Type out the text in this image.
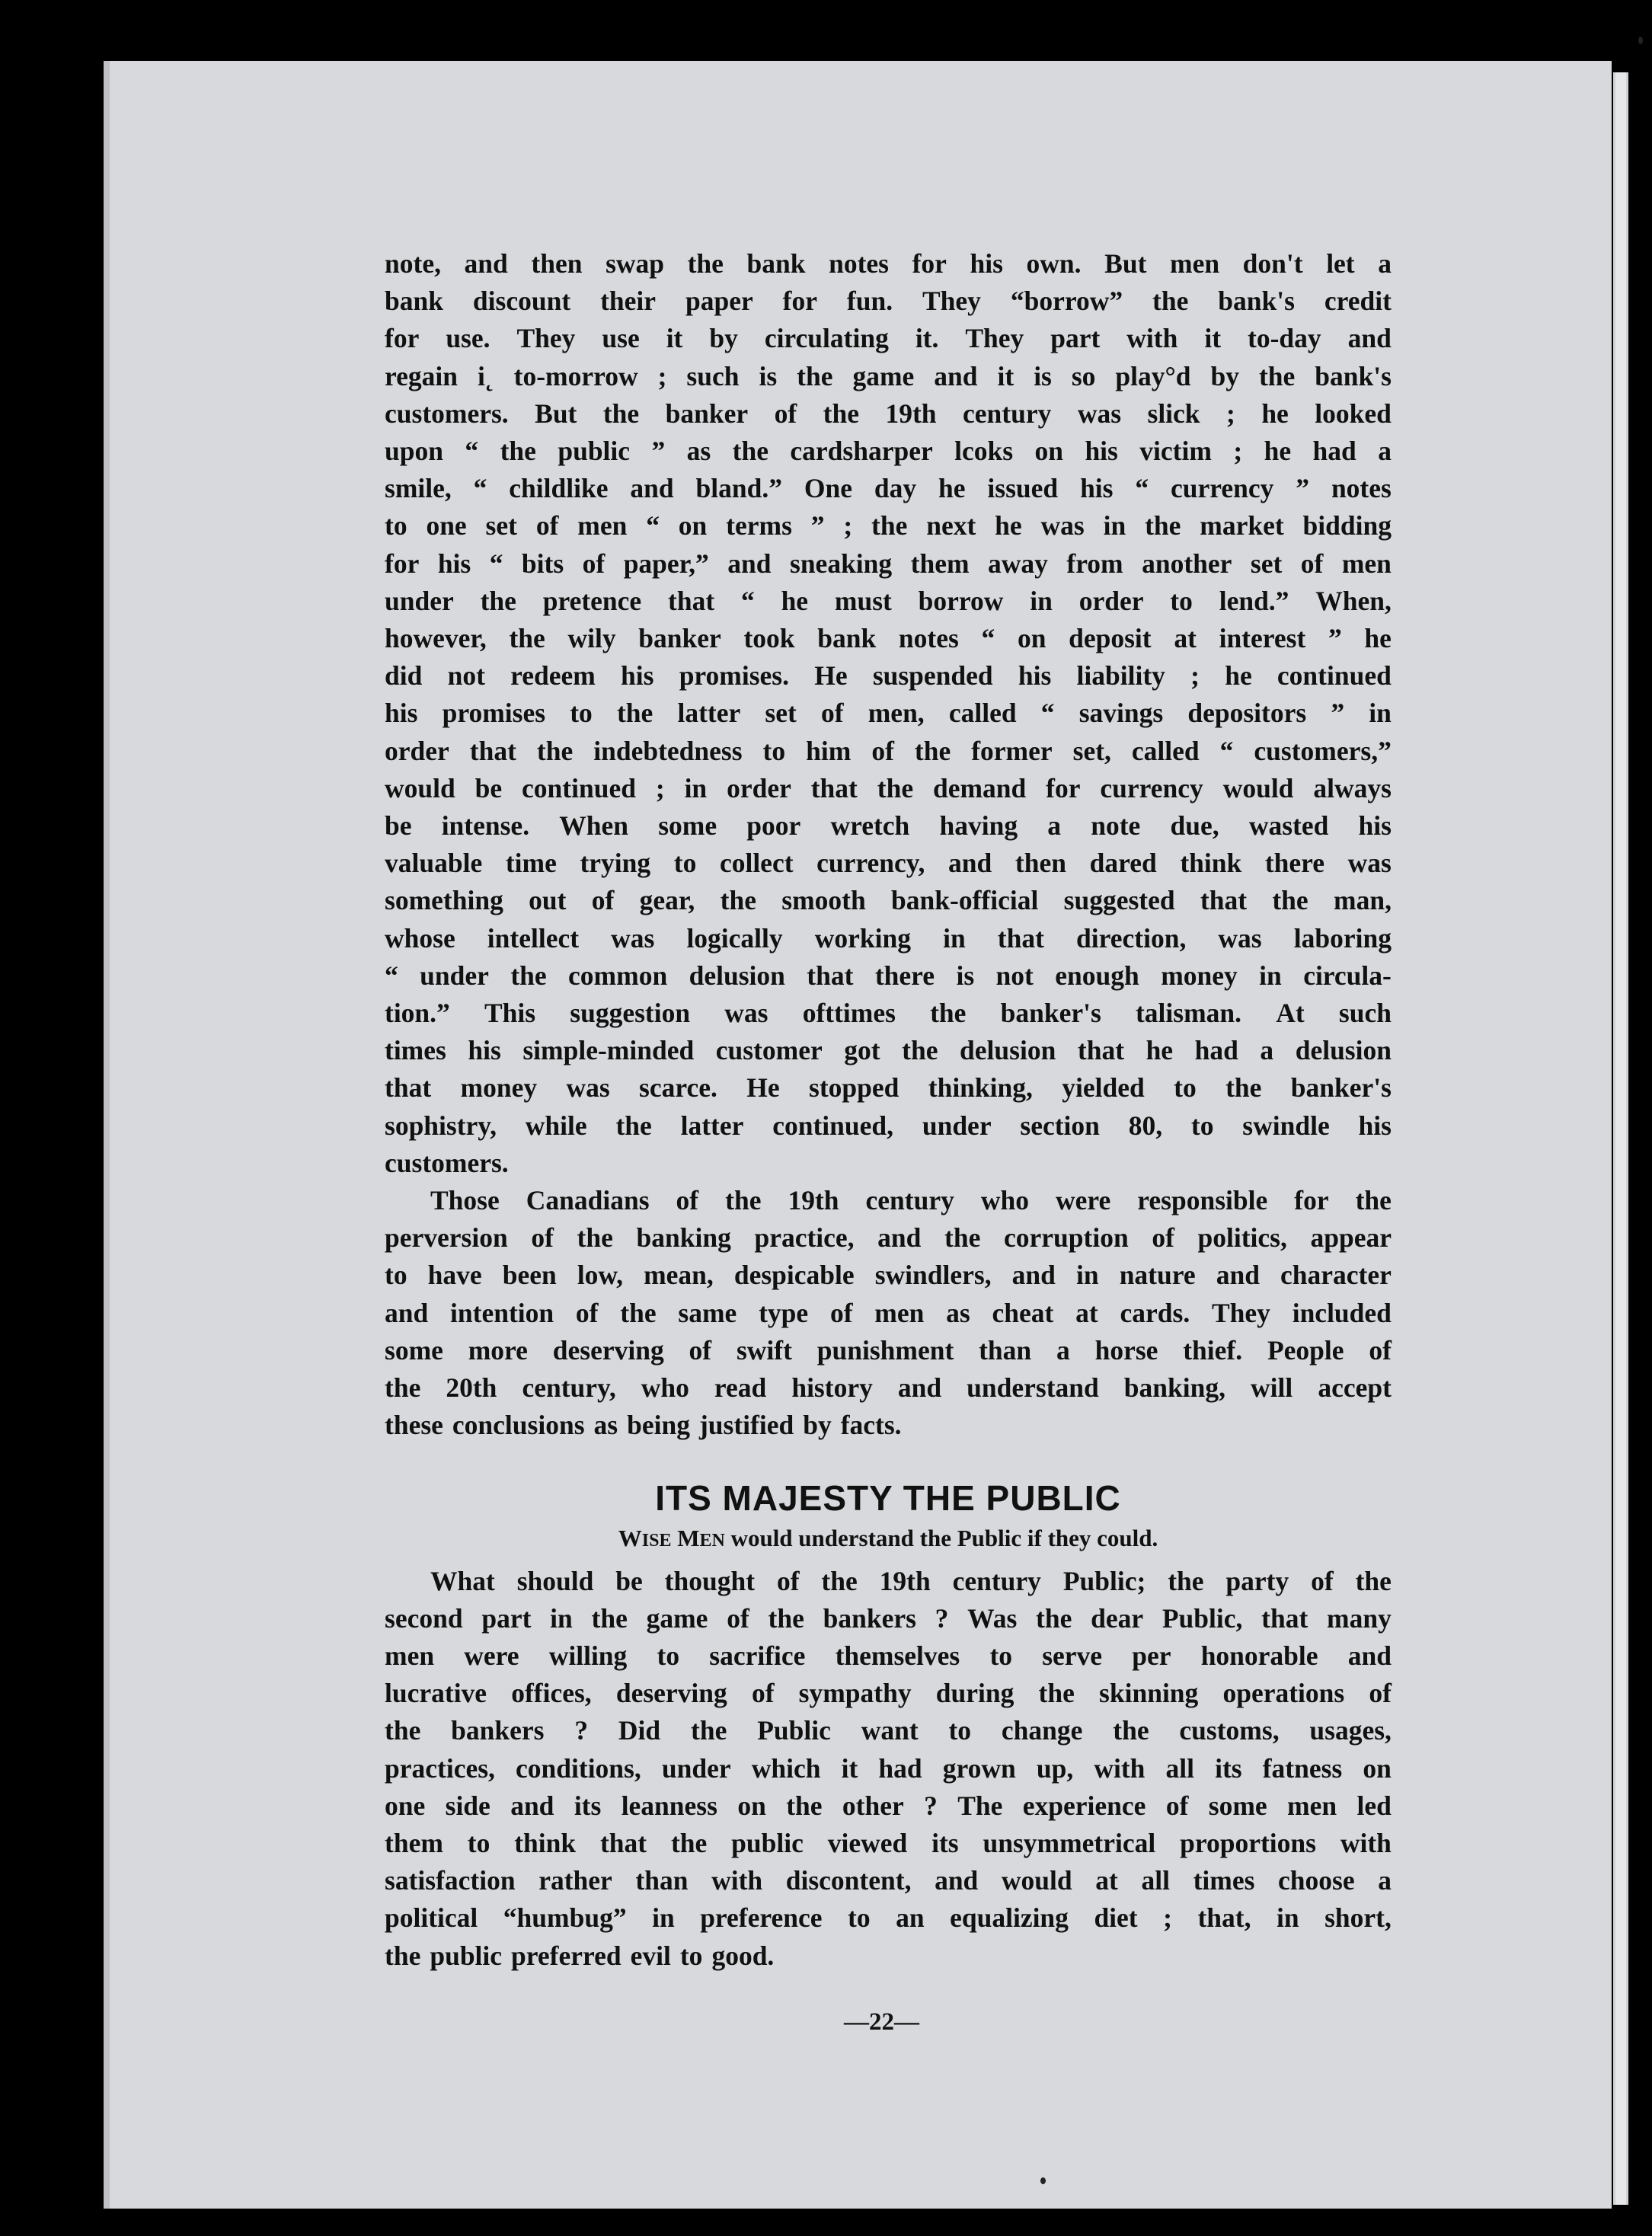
note, and then swap the bank notes for his own. But men don't let a
bank discount their paper for fun. They “borrow” the bank's credit
for use. They use it by circulating it. They part with it to-day and
regain i˛ to-morrow ; such is the game and it is so play°d by the bank's
customers. But the banker of the 19th century was slick ; he looked
upon “ the public ” as the cardsharper lcoks on his victim ; he had a
smile, “ childlike and bland.” One day he issued his “ currency ” notes
to one set of men “ on terms ” ; the next he was in the market bidding
for his “ bits of paper,” and sneaking them away from another set of men
under the pretence that “ he must borrow in order to lend.” When,
however, the wily banker took bank notes “ on deposit at interest ” he
did not redeem his promises. He suspended his liability ; he continued
his promises to the latter set of men, called “ savings depositors ” in
order that the indebtedness to him of the former set, called “ customers,”
would be continued ; in order that the demand for currency would always
be intense. When some poor wretch having a note due, wasted his
valuable time trying to collect currency, and then dared think there was
something out of gear, the smooth bank-official suggested that the man,
whose intellect was logically working in that direction, was laboring
“ under the common delusion that there is not enough money in circula-
tion.” This suggestion was ofttimes the banker's talisman. At such
times his simple-minded customer got the delusion that he had a delusion
that money was scarce. He stopped thinking, yielded to the banker's
sophistry, while the latter continued, under section 80, to swindle his
customers.
Those Canadians of the 19th century who were responsible for the
perversion of the banking practice, and the corruption of politics, appear
to have been low, mean, despicable swindlers, and in nature and character
and intention of the same type of men as cheat at cards. They included
some more deserving of swift punishment than a horse thief. People of
the 20th century, who read history and understand banking, will accept
these conclusions as being justified by facts.
ITS MAJESTY THE PUBLIC
WISE MEN would understand the Public if they could.
What should be thought of the 19th century Public; the party of the
second part in the game of the bankers ? Was the dear Public, that many
men were willing to sacrifice themselves to serve per honorable and
lucrative offices, deserving of sympathy during the skinning operations of
the bankers ? Did the Public want to change the customs, usages,
practices, conditions, under which it had grown up, with all its fatness on
one side and its leanness on the other ? The experience of some men led
them to think that the public viewed its unsymmetrical proportions with
satisfaction rather than with discontent, and would at all times choose a
political “humbug” in preference to an equalizing diet ; that, in short,
the public preferred evil to good.
—22—
